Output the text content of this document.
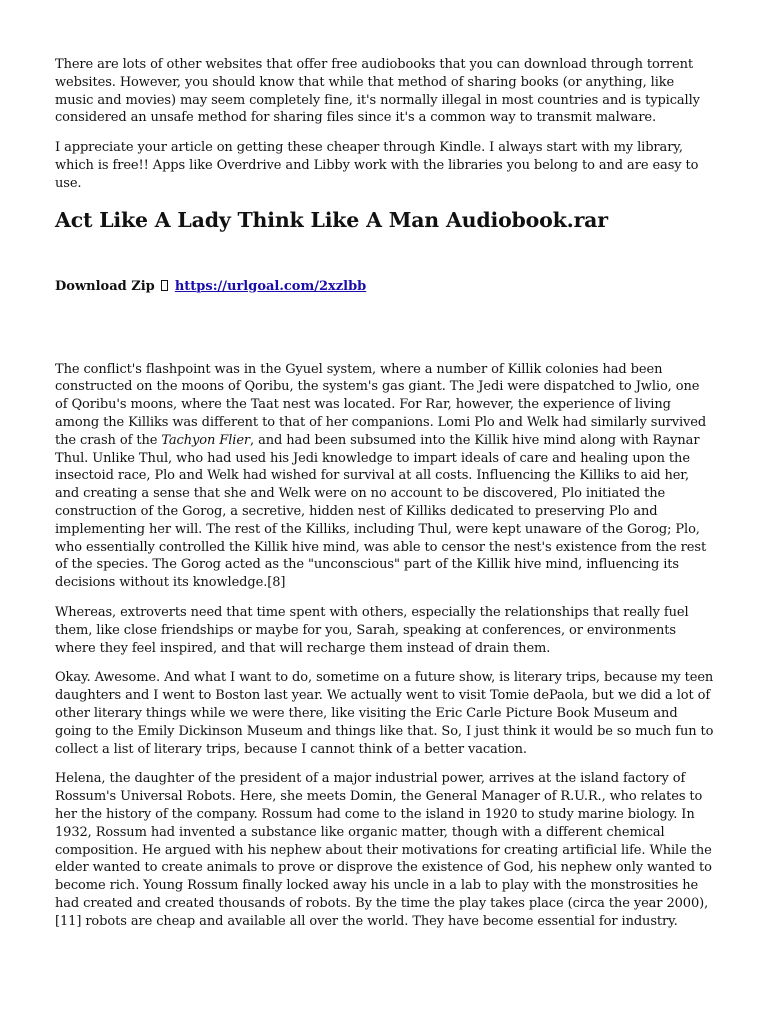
There are lots of other websites that offer free audiobooks that you can download through torrent websites. However, you should know that while that method of sharing books (or anything, like music and movies) may seem completely fine, it's normally illegal in most countries and is typically considered an unsafe method for sharing files since it's a common way to transmit malware.

I appreciate your article on getting these cheaper through Kindle. I always start with my library, which is free!! Apps like Overdrive and Libby work with the libraries you belong to and are easy to use.

Act Like A Lady Think Like A Man Audiobook.rar
Download Zip https://urlgoal.com/2xzlbb

The conflict's flashpoint was in the Gyuel system, where a number of Killik colonies had been constructed on the moons of Qoribu, the system's gas giant. The Jedi were dispatched to Jwlio, one of Qoribu's moons, where the Taat nest was located. For Rar, however, the experience of living among the Killiks was different to that of her companions. Lomi Plo and Welk had similarly survived the crash of the Tachyon Flier, and had been subsumed into the Killik hive mind along with Raynar Thul. Unlike Thul, who had used his Jedi knowledge to impart ideals of care and healing upon the insectoid race, Plo and Welk had wished for survival at all costs. Influencing the Killiks to aid her, and creating a sense that she and Welk were on no account to be discovered, Plo initiated the construction of the Gorog, a secretive, hidden nest of Killiks dedicated to preserving Plo and implementing her will. The rest of the Killiks, including Thul, were kept unaware of the Gorog; Plo, who essentially controlled the Killik hive mind, was able to censor the nest's existence from the rest of the species. The Gorog acted as the "unconscious" part of the Killik hive mind, influencing its decisions without its knowledge.[8]

Whereas, extroverts need that time spent with others, especially the relationships that really fuel them, like close friendships or maybe for you, Sarah, speaking at conferences, or environments where they feel inspired, and that will recharge them instead of drain them.

Okay. Awesome. And what I want to do, sometime on a future show, is literary trips, because my teen daughters and I went to Boston last year. We actually went to visit Tomie dePaola, but we did a lot of other literary things while we were there, like visiting the Eric Carle Picture Book Museum and going to the Emily Dickinson Museum and things like that. So, I just think it would be so much fun to collect a list of literary trips, because I cannot think of a better vacation.

Helena, the daughter of the president of a major industrial power, arrives at the island factory of Rossum's Universal Robots. Here, she meets Domin, the General Manager of R.U.R., who relates to her the history of the company. Rossum had come to the island in 1920 to study marine biology. In 1932, Rossum had invented a substance like organic matter, though with a different chemical composition. He argued with his nephew about their motivations for creating artificial life. While the elder wanted to create animals to prove or disprove the existence of God, his nephew only wanted to become rich. Young Rossum finally locked away his uncle in a lab to play with the monstrosities he had created and created thousands of robots. By the time the play takes place (circa the year 2000),[11] robots are cheap and available all over the world. They have become essential for industry.
